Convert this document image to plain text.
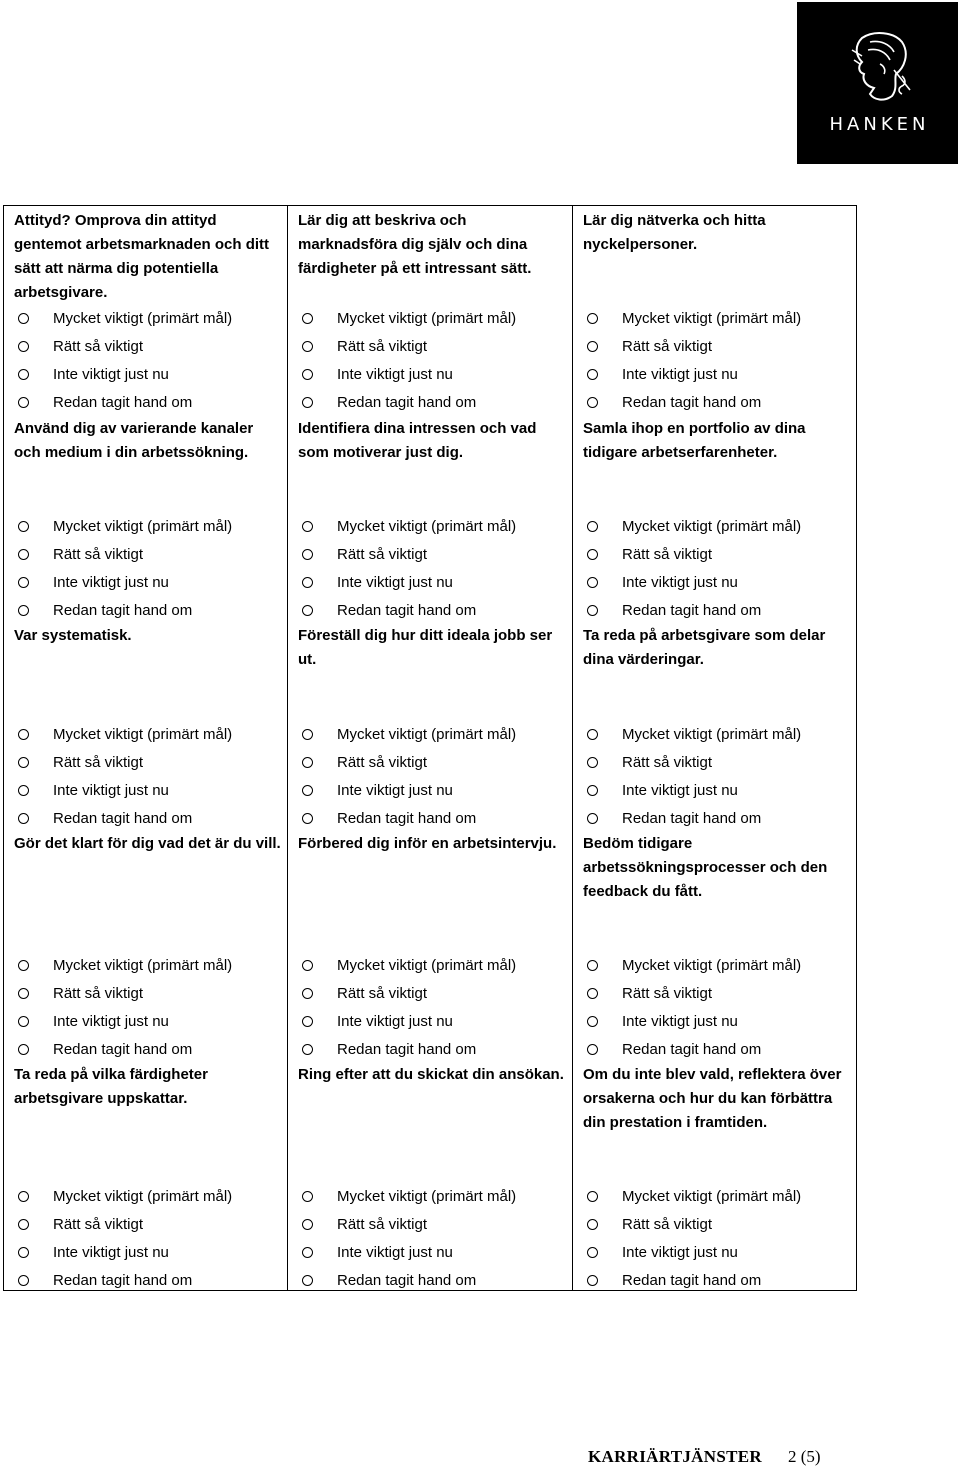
HANKEN
Attityd? Omprova din attityd gentemot arbetsmarknaden och ditt sätt att närma dig potentiella arbetsgivare.
Mycket viktigt (primärt mål)
Rätt så viktigt
Inte viktigt just nu
Redan tagit hand om
Använd dig av varierande kanaler och medium i din arbetssökning.
Mycket viktigt (primärt mål)
Rätt så viktigt
Inte viktigt just nu
Redan tagit hand om
Var systematisk.
Mycket viktigt (primärt mål)
Rätt så viktigt
Inte viktigt just nu
Redan tagit hand om
Gör det klart för dig vad det är du vill.
Mycket viktigt (primärt mål)
Rätt så viktigt
Inte viktigt just nu
Redan tagit hand om
Ta reda på vilka färdigheter arbetsgivare uppskattar.
Mycket viktigt (primärt mål)
Rätt så viktigt
Inte viktigt just nu
Redan tagit hand om
Lär dig att beskriva och marknadsföra dig själv och dina färdigheter på ett intressant sätt.
Mycket viktigt (primärt mål)
Rätt så viktigt
Inte viktigt just nu
Redan tagit hand om
Identifiera dina intressen och vad som motiverar just dig.
Mycket viktigt (primärt mål)
Rätt så viktigt
Inte viktigt just nu
Redan tagit hand om
Föreställ dig hur ditt ideala jobb ser ut.
Mycket viktigt (primärt mål)
Rätt så viktigt
Inte viktigt just nu
Redan tagit hand om
Förbered dig inför en arbetsintervju.
Mycket viktigt (primärt mål)
Rätt så viktigt
Inte viktigt just nu
Redan tagit hand om
Ring efter att du skickat din ansökan.
Mycket viktigt (primärt mål)
Rätt så viktigt
Inte viktigt just nu
Redan tagit hand om
Lär dig nätverka och hitta nyckelpersoner.
Mycket viktigt (primärt mål)
Rätt så viktigt
Inte viktigt just nu
Redan tagit hand om
Samla ihop en portfolio av dina tidigare arbetserfarenheter.
Mycket viktigt (primärt mål)
Rätt så viktigt
Inte viktigt just nu
Redan tagit hand om
Ta reda på arbetsgivare som delar dina värderingar.
Mycket viktigt (primärt mål)
Rätt så viktigt
Inte viktigt just nu
Redan tagit hand om
Bedöm tidigare arbetssökningsprocesser och den feedback du fått.
Mycket viktigt (primärt mål)
Rätt så viktigt
Inte viktigt just nu
Redan tagit hand om
Om du inte blev vald, reflektera över orsakerna och hur du kan förbättra din prestation i framtiden.
Mycket viktigt (primärt mål)
Rätt så viktigt
Inte viktigt just nu
Redan tagit hand om
KARRIÄRTJÄNSTER 2 (5)
